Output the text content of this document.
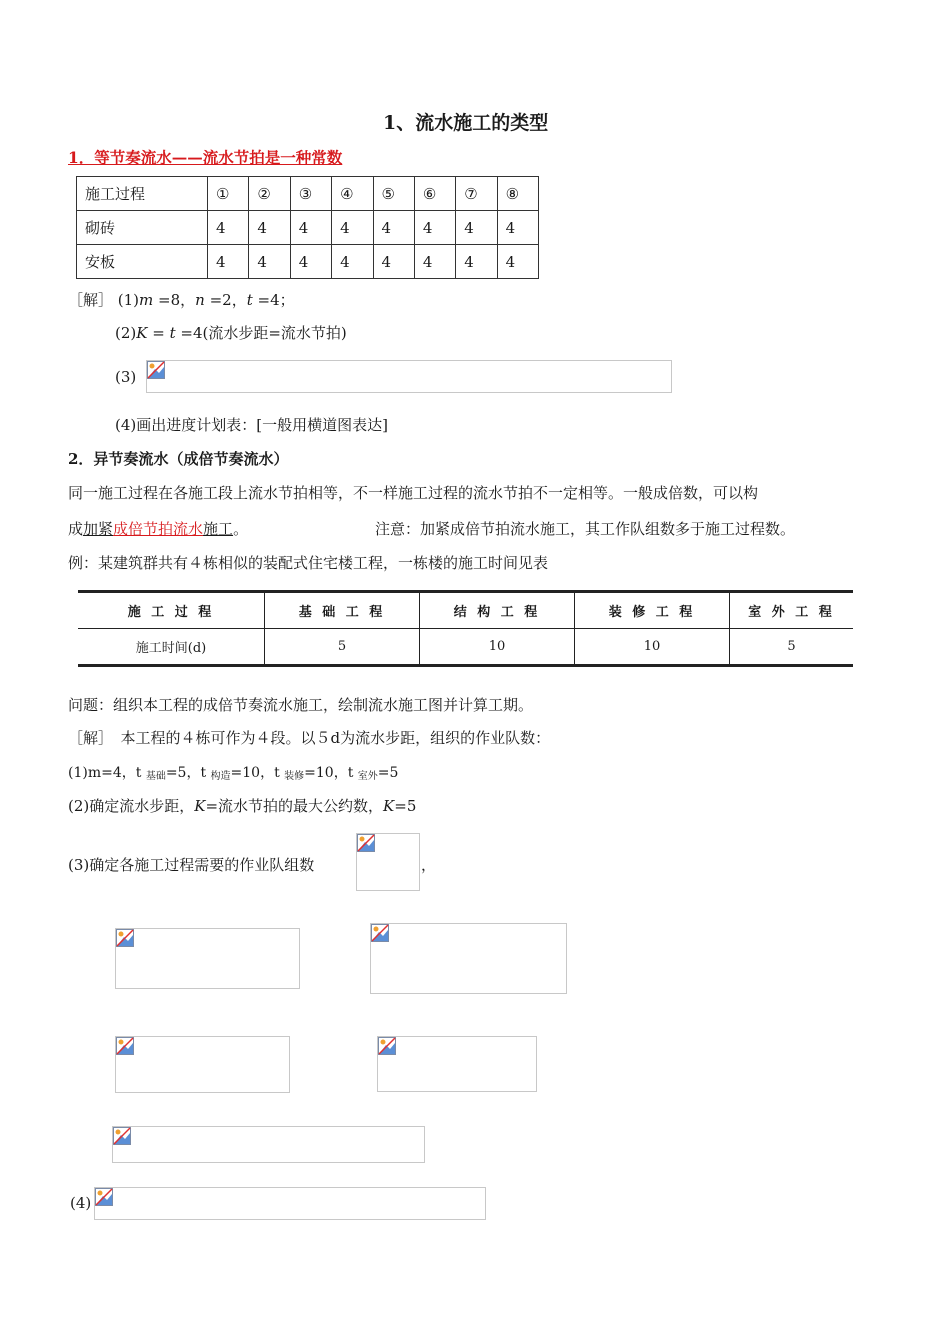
1、流水施工的类型
1．等节奏流水——流水节拍是一种常数
施工过程	①	②	③	④	⑤	⑥	⑦	⑧
砌砖	4	4	4	4	4	4	4	4
安板	4	4	4	4	4	4	4	4
［解］ (1)m =8，n =2，t =4；
(2)K = t =4(流水步距=流水节拍)
(3)
(4)画出进度计划表：[一般用横道图表达]
2．异节奏流水（成倍节奏流水）
同一施工过程在各施工段上流水节拍相等，不一样施工过程的流水节拍不一定相等。一般成倍数，可以构
成加紧成倍节拍流水施工。	注意：加紧成倍节拍流水施工，其工作队组数多于施工过程数。
例：某建筑群共有４栋相似的装配式住宅楼工程，一栋楼的施工时间见表
施 工 过 程	基 础 工 程	结 构 工 程	装 修 工 程	室 外 工 程
施工时间(d)	5	10	10	5
问题：组织本工程的成倍节奏流水施工，绘制流水施工图并计算工期。
［解］　本工程的４栋可作为４段。以５d为流水步距，组织的作业队数：
(1)m=4，t $_{基础}$=5，t $_{构造}$=10，t $_{装修}$=10，t $_{室外}$=5
(2)确定流水步距，K=流水节拍的最大公约数，K=5
(3)确定各施工过程需要的作业队组数	，
(4)
